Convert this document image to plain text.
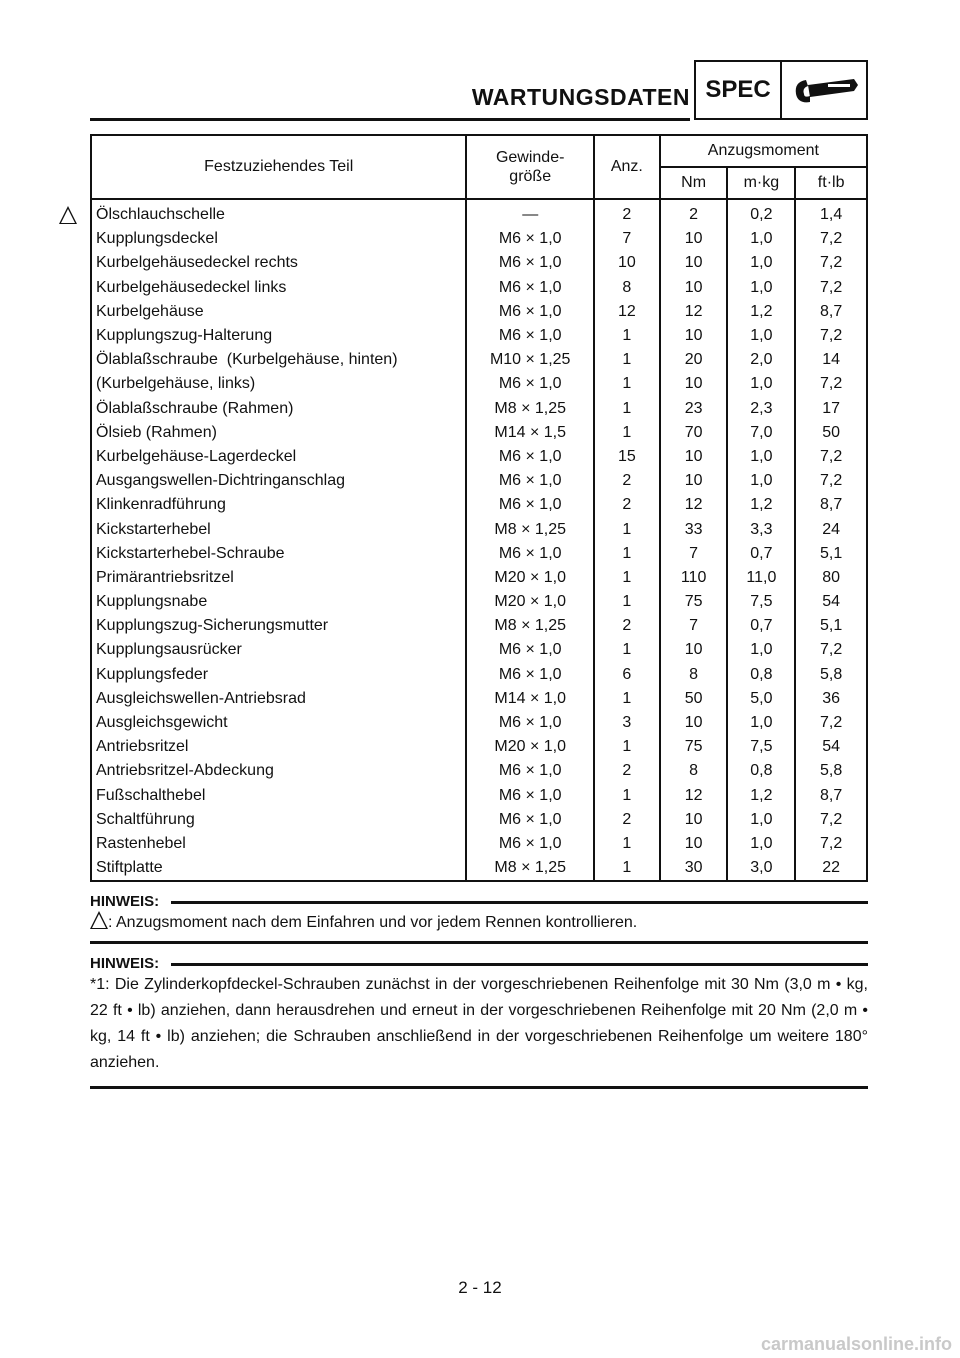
WARTUNGSDATEN SPEC
Festzuziehendes Teil	Gewinde-
größe	Anz.	Anzugsmoment		
			Nm	m·kg	ft·lb
Ölschlauchschelle	—	2	2	0,2	1,4
Kupplungsdeckel	M6 × 1,0	7	10	1,0	7,2
Kurbelgehäusedeckel rechts	M6 × 1,0	10	10	1,0	7,2
Kurbelgehäusedeckel links	M6 × 1,0	8	10	1,0	7,2
Kurbelgehäuse	M6 × 1,0	12	12	1,2	8,7
Kupplungszug-Halterung	M6 × 1,0	1	10	1,0	7,2
Ölablaßschraube  (Kurbelgehäuse, hinten)	M10 × 1,25	1	20	2,0	14
(Kurbelgehäuse, links)	M6 × 1,0	1	10	1,0	7,2
Ölablaßschraube (Rahmen)	M8 × 1,25	1	23	2,3	17
Ölsieb (Rahmen)	M14 × 1,5	1	70	7,0	50
Kurbelgehäuse-Lagerdeckel	M6 × 1,0	15	10	1,0	7,2
Ausgangswellen-Dichtringanschlag	M6 × 1,0	2	10	1,0	7,2
Klinkenradführung	M6 × 1,0	2	12	1,2	8,7
Kickstarterhebel	M8 × 1,25	1	33	3,3	24
Kickstarterhebel-Schraube	M6 × 1,0	1	7	0,7	5,1
Primärantriebsritzel	M20 × 1,0	1	110	11,0	80
Kupplungsnabe	M20 × 1,0	1	75	7,5	54
Kupplungszug-Sicherungsmutter	M8 × 1,25	2	7	0,7	5,1
Kupplungsausrücker	M6 × 1,0	1	10	1,0	7,2
Kupplungsfeder	M6 × 1,0	6	8	0,8	5,8
Ausgleichswellen-Antriebsrad	M14 × 1,0	1	50	5,0	36
Ausgleichsgewicht	M6 × 1,0	3	10	1,0	7,2
Antriebsritzel	M20 × 1,0	1	75	7,5	54
Antriebsritzel-Abdeckung	M6 × 1,0	2	8	0,8	5,8
Fußschalthebel	M6 × 1,0	1	12	1,2	8,7
Schaltführung	M6 × 1,0	2	10	1,0	7,2
Rastenhebel	M6 × 1,0	1	10	1,0	7,2
Stiftplatte	M8 × 1,25	1	30	3,0	22
HINWEIS:
: Anzugsmoment nach dem Einfahren und vor jedem Rennen kontrollieren.
HINWEIS:
*1: Die Zylinderkopfdeckel-Schrauben zunächst in der vorgeschriebenen Reihenfolge mit 30 Nm (3,0 m • kg, 22 ft • lb) anziehen, dann herausdrehen und erneut in der vorgeschriebenen Reihenfolge mit 20 Nm (2,0 m • kg, 14 ft • lb) anziehen; die Schrauben anschließend in der vorgeschriebenen Reihenfolge um weitere 180° anziehen.
2 - 12
carmanualsonline.info
